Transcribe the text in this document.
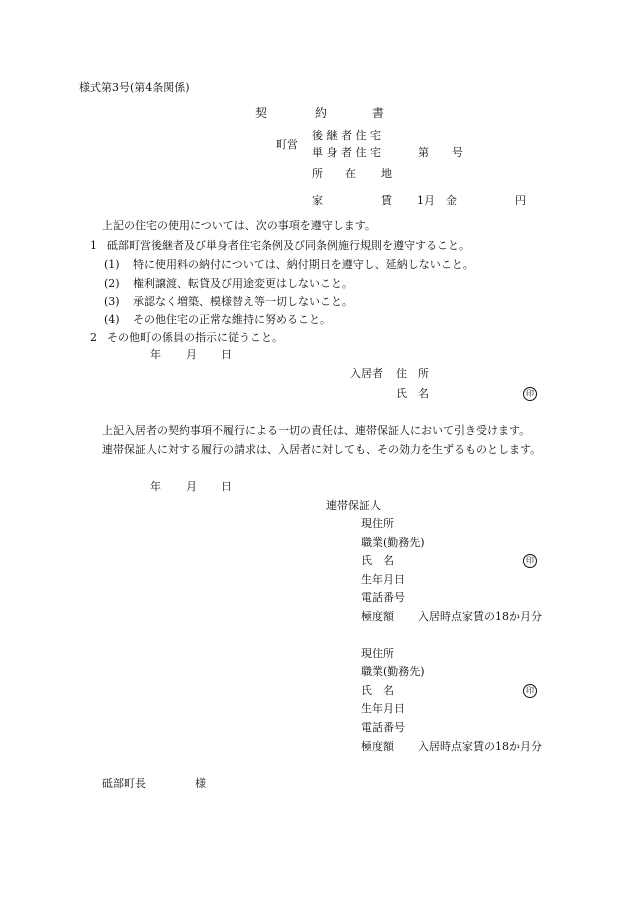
様式第3号(第4条関係)
契	約	書
町営
後 継 者 住 宅
単 身 者 住 宅	第 号
所 在 地
家	賃 1月 金	円
上記の住宅の使用については、次の事項を遵守します。
1 砥部町営後継者及び単身者住宅条例及び同条例施行規則を遵守すること。
(1) 特に使用料の納付については、納付期日を遵守し、延納しないこと。
(2) 権利譲渡、転貸及び用途変更はしないこと。
(3) 承認なく増築、模様替え等一切しないこと。
(4) その他住宅の正常な維持に努めること。
2 その他町の係員の指示に従うこと。
年 月 日
入居者 住　所
氏　名	印
上記入居者の契約事項不履行による一切の責任は、連帯保証人において引き受けます。
連帯保証人に対する履行の請求は、入居者に対しても、その効力を生ずるものとします。
年 月 日
連帯保証人
現住所
職業(勤務先)
氏　名	印
生年月日
電話番号
極度額 入居時点家賃の18か月分
現住所
職業(勤務先)
氏　名	印
生年月日
電話番号
極度額 入居時点家賃の18か月分
砥部町長	様
